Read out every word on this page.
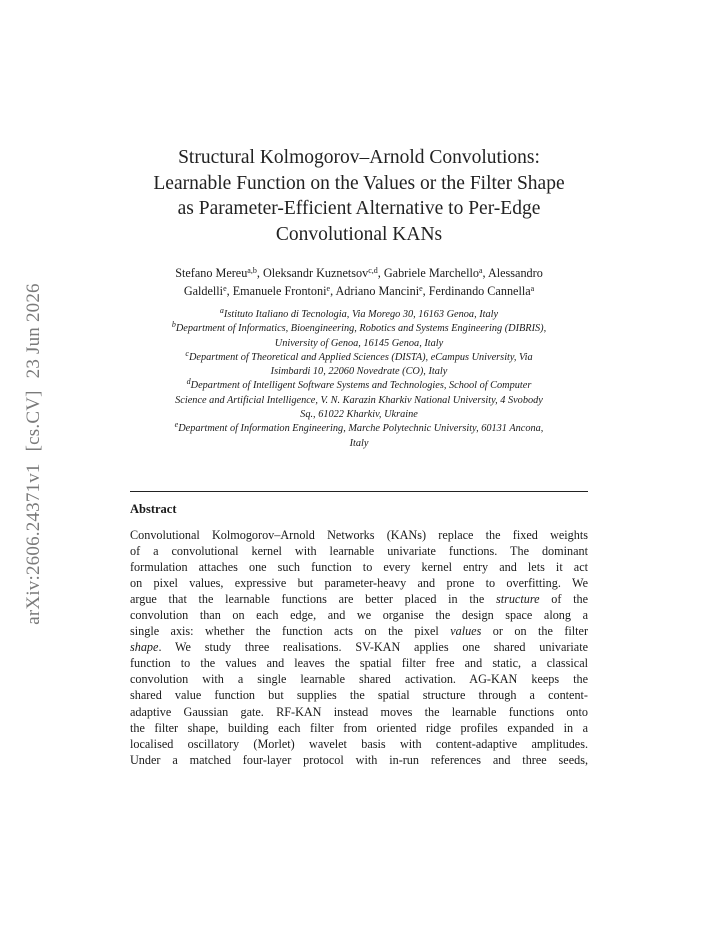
arXiv:2606.24371v1[cs.CV]23 Jun 2026
Structural Kolmogorov–Arnold Convolutions:
Learnable Function on the Values or the Filter Shape
as Parameter-Efficient Alternative to Per-Edge
Convolutional KANs
Stefano Mereu$^{a,b}$, Oleksandr Kuznetsov$^{c,d}$, Gabriele Marchello$^a$, Alessandro
Galdelli$^e$, Emanuele Frontoni$^e$, Adriano Mancini$^e$, Ferdinando Cannella$^a$
$^a$Istituto Italiano di Tecnologia, Via Morego 30, 16163 Genoa, Italy
$^b$Department of Informatics, Bioengineering, Robotics and Systems Engineering (DIBRIS),
University of Genoa, 16145 Genoa, Italy
$^c$Department of Theoretical and Applied Sciences (DISTA), eCampus University, Via
Isimbardi 10, 22060 Novedrate (CO), Italy
$^d$Department of Intelligent Software Systems and Technologies, School of Computer
Science and Artificial Intelligence, V. N. Karazin Kharkiv National University, 4 Svobody
Sq., 61022 Kharkiv, Ukraine
$^e$Department of Information Engineering, Marche Polytechnic University, 60131 Ancona,
Italy
Abstract
Convolutional Kolmogorov–Arnold Networks (KANs) replace the fixed weights
of a convolutional kernel with learnable univariate functions. The dominant
formulation attaches one such function to every kernel entry and lets it act
on pixel values, expressive but parameter-heavy and prone to overfitting. We
argue that the learnable functions are better placed in the structure of the
convolution than on each edge, and we organise the design space along a
single axis: whether the function acts on the pixel values or on the filter
shape. We study three realisations. SV-KAN applies one shared univariate
function to the values and leaves the spatial filter free and static, a classical
convolution with a single learnable shared activation. AG-KAN keeps the
shared value function but supplies the spatial structure through a content-
adaptive Gaussian gate. RF-KAN instead moves the learnable functions onto
the filter shape, building each filter from oriented ridge profiles expanded in a
localised oscillatory (Morlet) wavelet basis with content-adaptive amplitudes.
Under a matched four-layer protocol with in-run references and three seeds,
